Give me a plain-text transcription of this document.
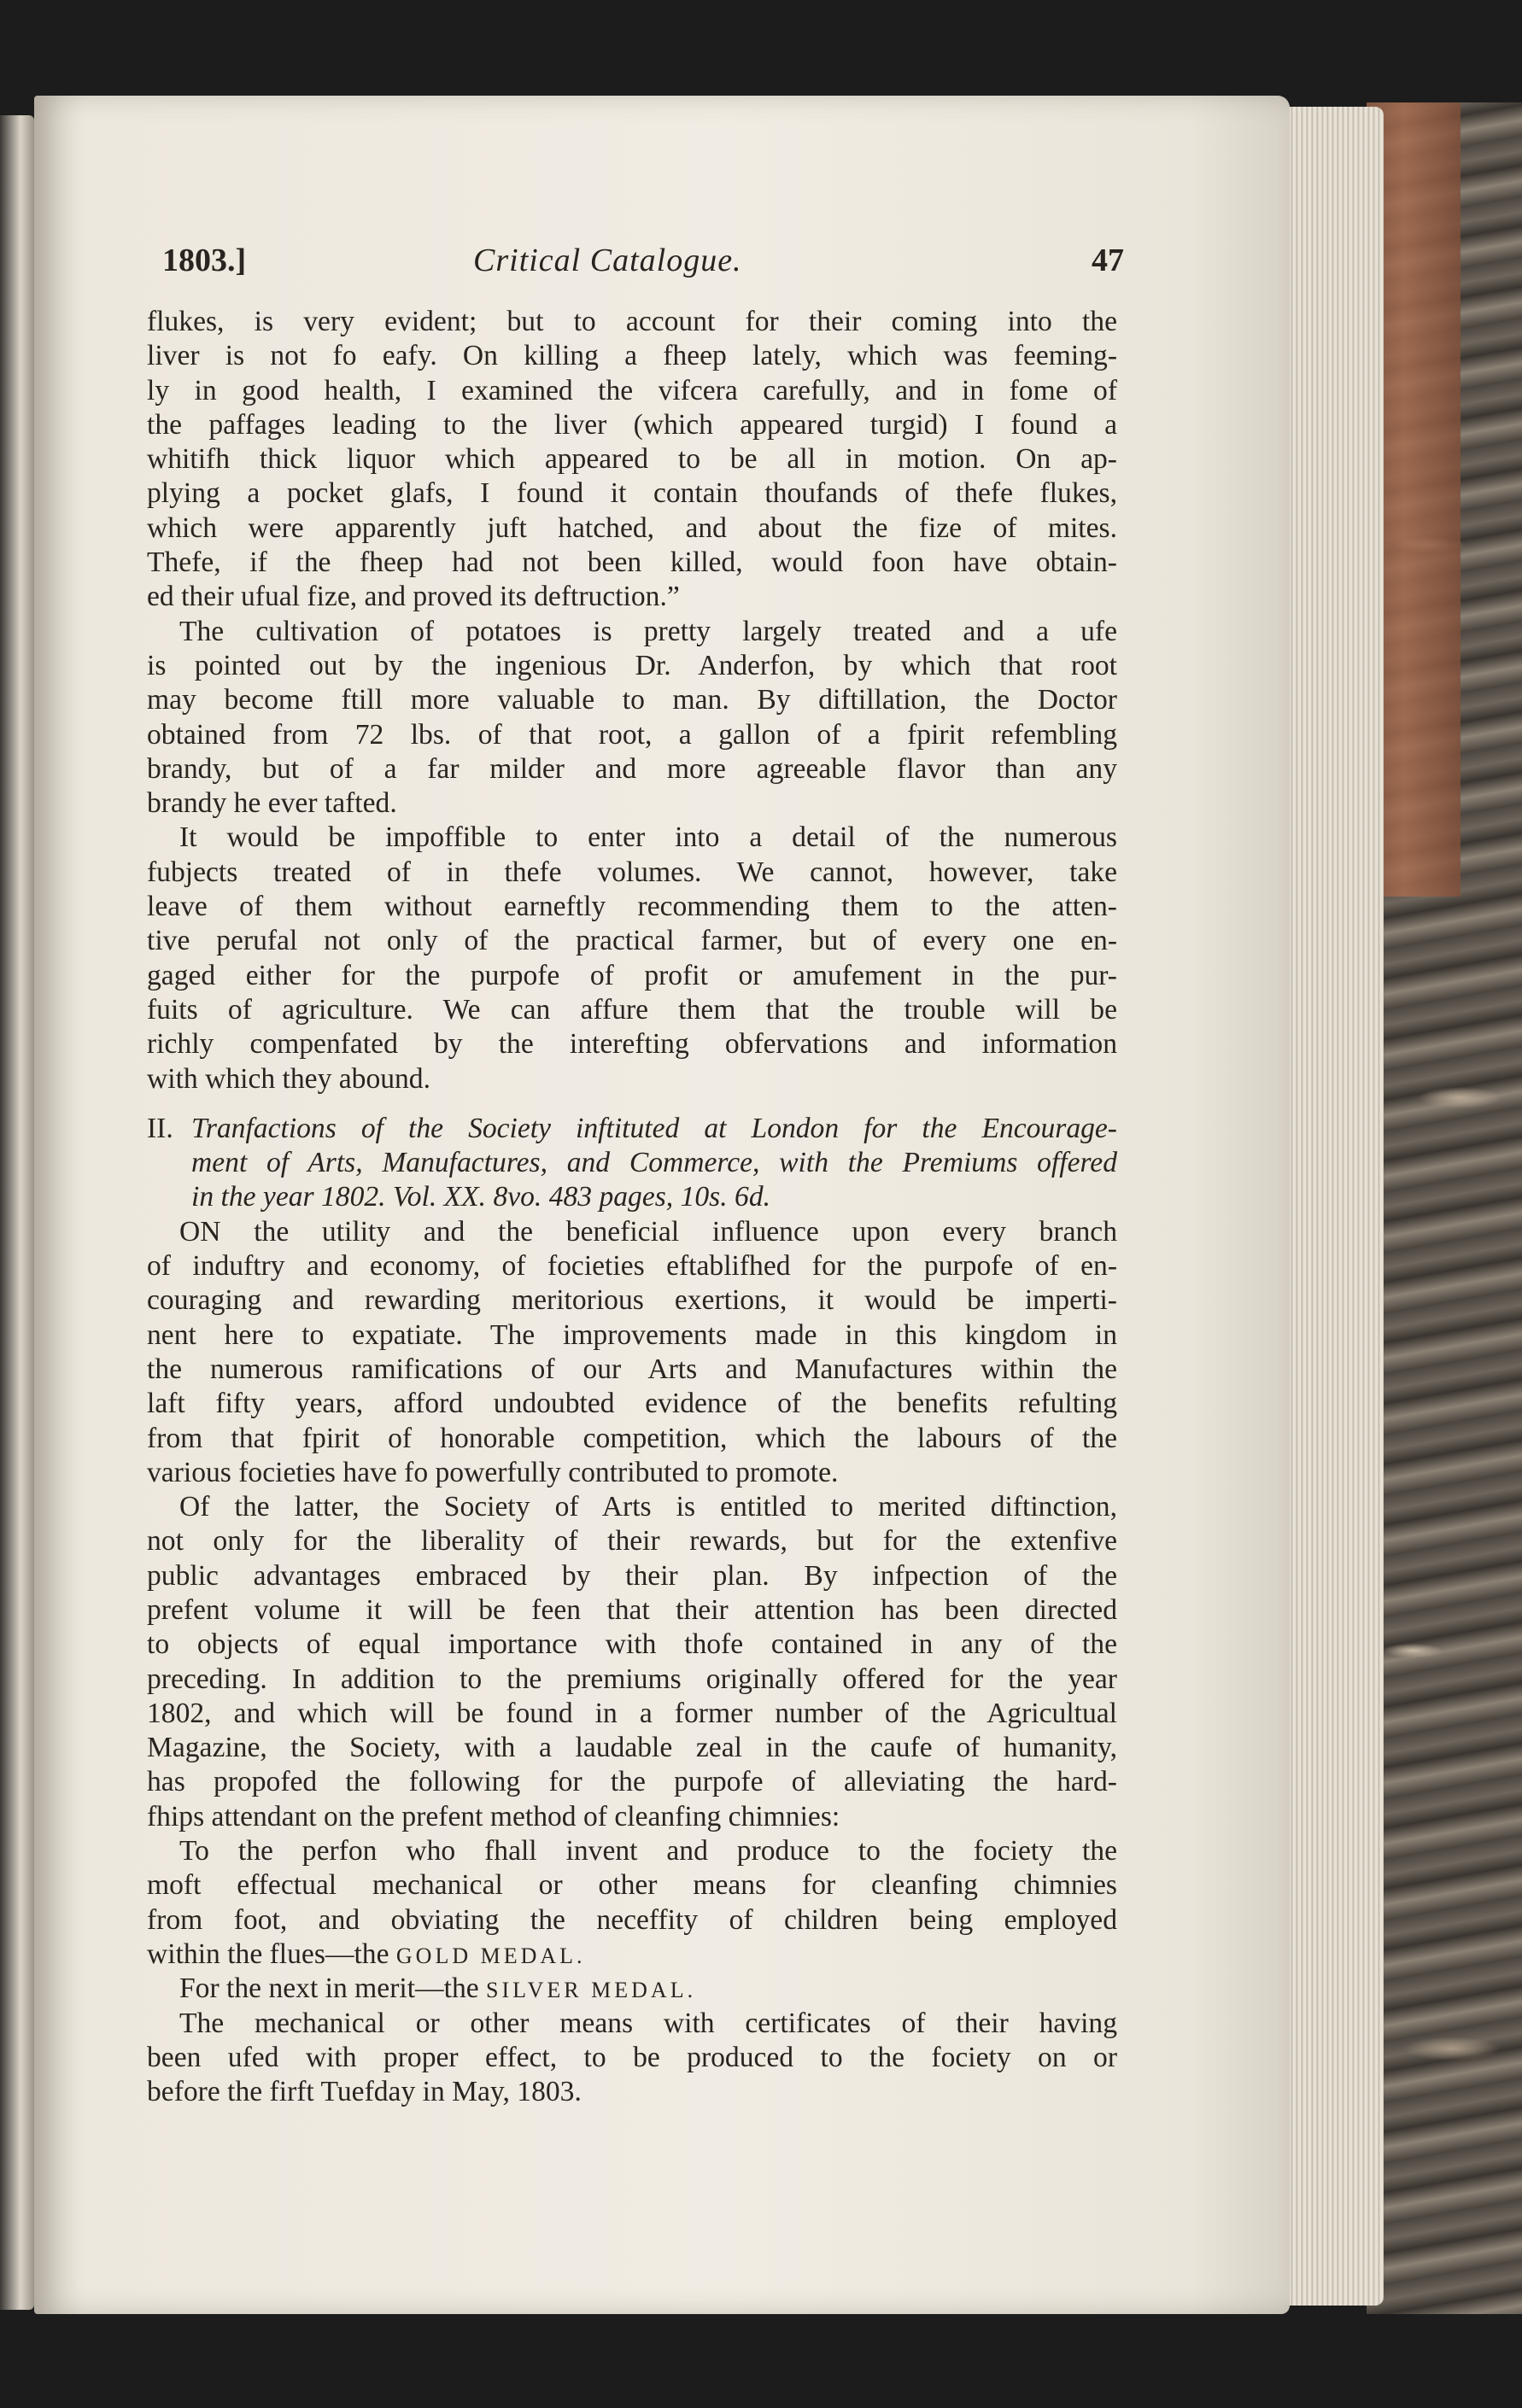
1803.]	Critical Catalogue.	47
flukes, is very evident; but to account for their coming into the
liver is not fo eafy. On killing a fheep lately, which was feeming-
ly in good health, I examined the vifcera carefully, and in fome of
the paffages leading to the liver (which appeared turgid) I found a
whitifh thick liquor which appeared to be all in motion. On ap-
plying a pocket glafs, I found it contain thoufands of thefe flukes,
which were apparently juft hatched, and about the fize of mites.
Thefe, if the fheep had not been killed, would foon have obtain-
ed their ufual fize, and proved its deftruction.”
The cultivation of potatoes is pretty largely treated and a ufe
is pointed out by the ingenious Dr. Anderfon, by which that root
may become ftill more valuable to man. By diftillation, the Doctor
obtained from 72 lbs. of that root, a gallon of a fpirit refembling
brandy, but of a far milder and more agreeable flavor than any
brandy he ever tafted.
It would be impoffible to enter into a detail of the numerous
fubjects treated of in thefe volumes. We cannot, however, take
leave of them without earneftly recommending them to the atten-
tive perufal not only of the practical farmer, but of every one en-
gaged either for the purpofe of profit or amufement in the pur-
fuits of agriculture. We can affure them that the trouble will be
richly compenfated by the interefting obfervations and information
with which they abound.
II. Tranfactions of the Society inftituted at London for the Encourage-
ment of Arts, Manufactures, and Commerce, with the Premiums offered
in the year 1802. Vol. XX. 8vo. 483 pages, 10s. 6d.
ON the utility and the beneficial influence upon every branch
of induftry and economy, of focieties eftablifhed for the purpofe of en-
couraging and rewarding meritorious exertions, it would be imperti-
nent here to expatiate. The improvements made in this kingdom in
the numerous ramifications of our Arts and Manufactures within the
laft fifty years, afford undoubted evidence of the benefits refulting
from that fpirit of honorable competition, which the labours of the
various focieties have fo powerfully contributed to promote.
Of the latter, the Society of Arts is entitled to merited diftinction,
not only for the liberality of their rewards, but for the extenfive
public advantages embraced by their plan. By infpection of the
prefent volume it will be feen that their attention has been directed
to objects of equal importance with thofe contained in any of the
preceding. In addition to the premiums originally offered for the year
1802, and which will be found in a former number of the Agricultual
Magazine, the Society, with a laudable zeal in the caufe of humanity,
has propofed the following for the purpofe of alleviating the hard-
fhips attendant on the prefent method of cleanfing chimnies:
To the perfon who fhall invent and produce to the fociety the
moft effectual mechanical or other means for cleanfing chimnies
from foot, and obviating the neceffity of children being employed
within the flues—the GOLD MEDAL.
For the next in merit—the SILVER MEDAL.
The mechanical or other means with certificates of their having
been ufed with proper effect, to be produced to the fociety on or
before the firft Tuefday in May, 1803.
